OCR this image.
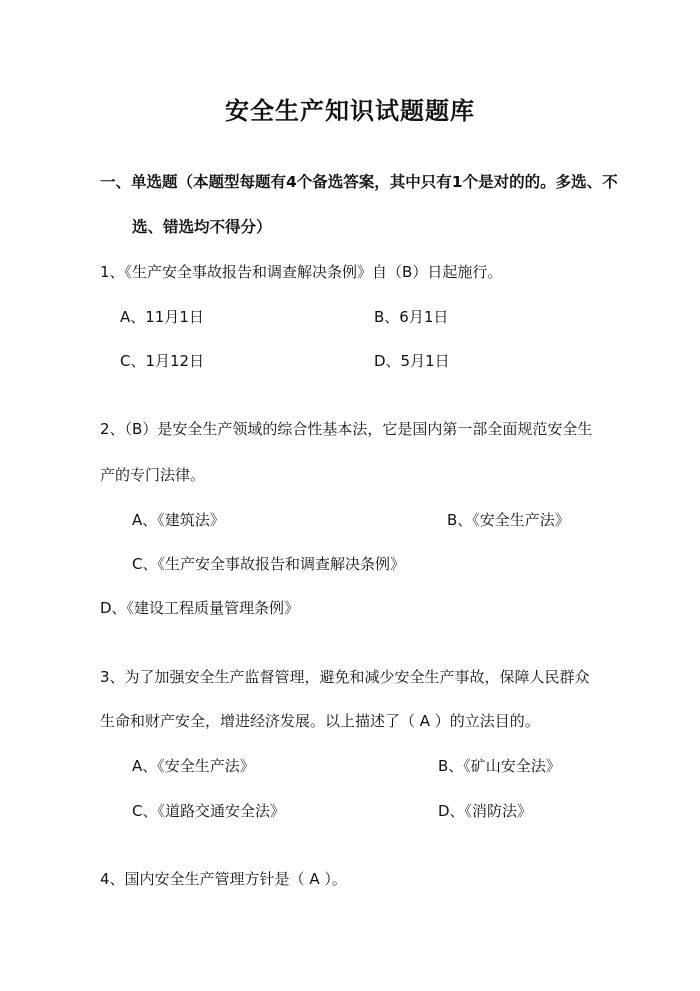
安全生产知识试题题库
一、单选题（本题型每题有4个备选答案，其中只有1个是对的的。多选、不
选、错选均不得分）
1、《生产安全事故报告和调查解决条例》自（B）日起施行。
A、11月1日	B、6月1日
C、1月12日	D、5月1日
2、（B）是安全生产领域的综合性基本法，它是国内第一部全面规范安全生
产的专门法律。
A、《建筑法》	B、《安全生产法》
C、《生产安全事故报告和调查解决条例》
D、《建设工程质量管理条例》
3、为了加强安全生产监督管理，避免和减少安全生产事故，保障人民群众
生命和财产安全，增进经济发展。以上描述了（ A ）的立法目的。
A、《安全生产法》	B、《矿山安全法》
C、《道路交通安全法》	D、《消防法》
4、国内安全生产管理方针是（ A ）。
